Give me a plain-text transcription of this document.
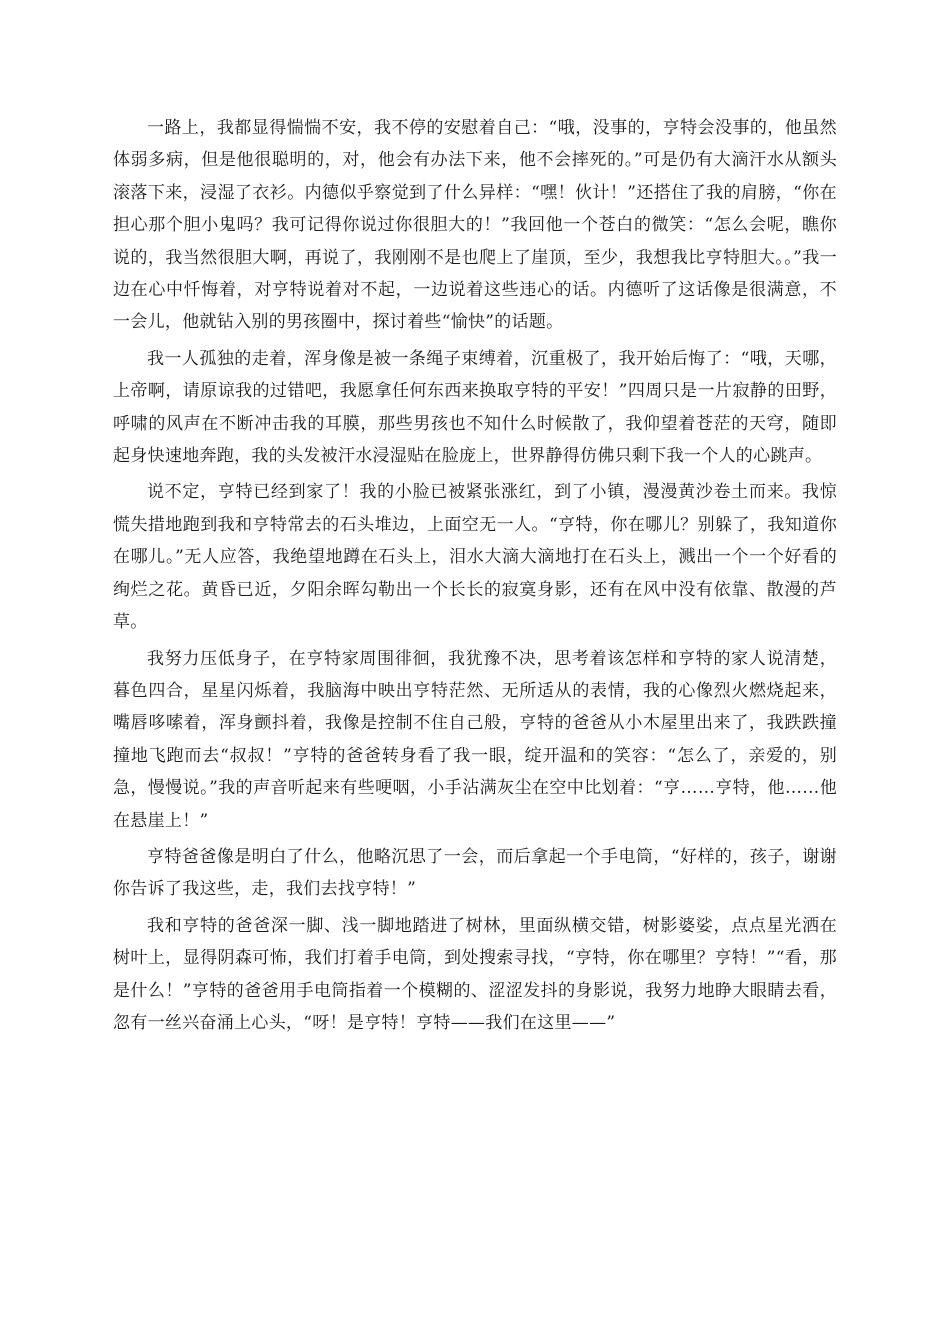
一路上，我都显得惴惴不安，我不停的安慰着自己：“哦，没事的，亨特会没事的，他虽然体弱多病，但是他很聪明的，对，他会有办法下来，他不会摔死的。”可是仍有大滴汗水从额头滚落下来，浸湿了衣衫。内德似乎察觉到了什么异样：“嘿！伙计！”还搭住了我的肩膀，“你在担心那个胆小鬼吗？我可记得你说过你很胆大的！”我回他一个苍白的微笑：“怎么会呢，瞧你说的，我当然很胆大啊，再说了，我刚刚不是也爬上了崖顶，至少，我想我比亨特胆大。。”我一边在心中忏悔着，对亨特说着对不起，一边说着这些违心的话。内德听了这话像是很满意，不一会儿，他就钻入别的男孩圈中，探讨着些“愉快”的话题。

我一人孤独的走着，浑身像是被一条绳子束缚着，沉重极了，我开始后悔了：“哦，天哪，上帝啊，请原谅我的过错吧，我愿拿任何东西来换取亨特的平安！”四周只是一片寂静的田野，呼啸的风声在不断冲击我的耳膜，那些男孩也不知什么时候散了，我仰望着苍茫的天穹，随即起身快速地奔跑，我的头发被汗水浸湿贴在脸庞上，世界静得仿佛只剩下我一个人的心跳声。

说不定，亨特已经到家了！我的小脸已被紧张涨红，到了小镇，漫漫黄沙卷土而来。我惊慌失措地跑到我和亨特常去的石头堆边，上面空无一人。“亨特，你在哪儿？别躲了，我知道你在哪儿。”无人应答，我绝望地蹲在石头上，泪水大滴大滴地打在石头上，溅出一个一个好看的绚烂之花。黄昏已近，夕阳余晖勾勒出一个长长的寂寞身影，还有在风中没有依靠、散漫的芦草。

我努力压低身子，在亨特家周围徘徊，我犹豫不决，思考着该怎样和亨特的家人说清楚，暮色四合，星星闪烁着，我脑海中映出亨特茫然、无所适从的表情，我的心像烈火燃烧起来，嘴唇哆嗦着，浑身颤抖着，我像是控制不住自己般，亨特的爸爸从小木屋里出来了，我跌跌撞撞地飞跑而去“叔叔！”亨特的爸爸转身看了我一眼，绽开温和的笑容：“怎么了，亲爱的，别急，慢慢说。”我的声音听起来有些哽咽，小手沾满灰尘在空中比划着：“亨……亨特，他……他在悬崖上！”

亨特爸爸像是明白了什么，他略沉思了一会，而后拿起一个手电筒，“好样的，孩子，谢谢你告诉了我这些，走，我们去找亨特！”

我和亨特的爸爸深一脚、浅一脚地踏进了树林，里面纵横交错，树影婆娑，点点星光洒在树叶上，显得阴森可怖，我们打着手电筒，到处搜索寻找，“亨特，你在哪里？亨特！”“看，那是什么！”亨特的爸爸用手电筒指着一个模糊的、涩涩发抖的身影说，我努力地睁大眼睛去看，忽有一丝兴奋涌上心头，“呀！是亨特！亨特——我们在这里——”
